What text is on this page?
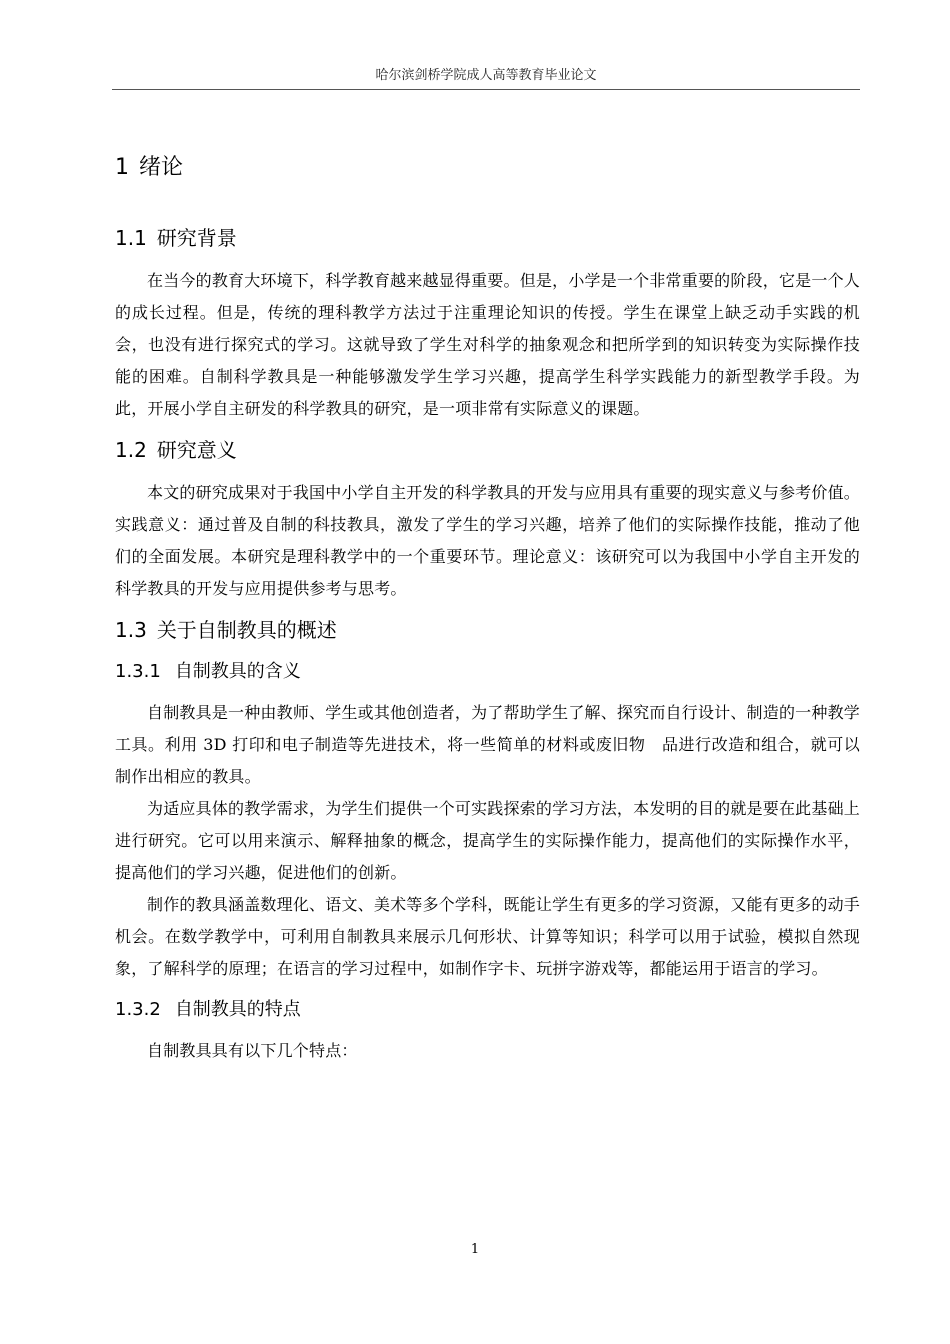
哈尔滨剑桥学院成人高等教育毕业论文
1 绪论
1.1 研究背景

在当今的教育大环境下，科学教育越来越显得重要。但是，小学是一个非常重要的阶段，它是一个人的成长过程。但是，传统的理科教学方法过于注重理论知识的传授。学生在课堂上缺乏动手实践的机会，也没有进行探究式的学习。这就导致了学生对科学的抽象观念和把所学到的知识转变为实际操作技能的困难。自制科学教具是一种能够激发学生学习兴趣，提高学生科学实践能力的新型教学手段。为此，开展小学自主研发的科学教具的研究，是一项非常有实际意义的课题。

1.2 研究意义

本文的研究成果对于我国中小学自主开发的科学教具的开发与应用具有重要的现实意义与参考价值。实践意义：通过普及自制的科技教具，激发了学生的学习兴趣，培养了他们的实际操作技能，推动了他们的全面发展。本研究是理科教学中的一个重要环节。理论意义：该研究可以为我国中小学自主开发的科学教具的开发与应用提供参考与思考。

1.3 关于自制教具的概述
1.3.1 自制教具的含义

自制教具是一种由教师、学生或其他创造者，为了帮助学生了解、探究而自行设计、制造的一种教学工具。利用 3D 打印和电子制造等先进技术，将一些简单的材料或废旧物　品进行改造和组合，就可以制作出相应的教具。

为适应具体的教学需求，为学生们提供一个可实践探索的学习方法，本发明的目的就是要在此基础上进行研究。它可以用来演示、解释抽象的概念，提高学生的实际操作能力，提高他们的实际操作水平，提高他们的学习兴趣，促进他们的创新。

制作的教具涵盖数理化、语文、美术等多个学科，既能让学生有更多的学习资源，又能有更多的动手机会。在数学教学中，可利用自制教具来展示几何形状、计算等知识；科学可以用于试验，模拟自然现象，了解科学的原理；在语言的学习过程中，如制作字卡、玩拼字游戏等，都能运用于语言的学习。

1.3.2 自制教具的特点

自制教具具有以下几个特点：

1
